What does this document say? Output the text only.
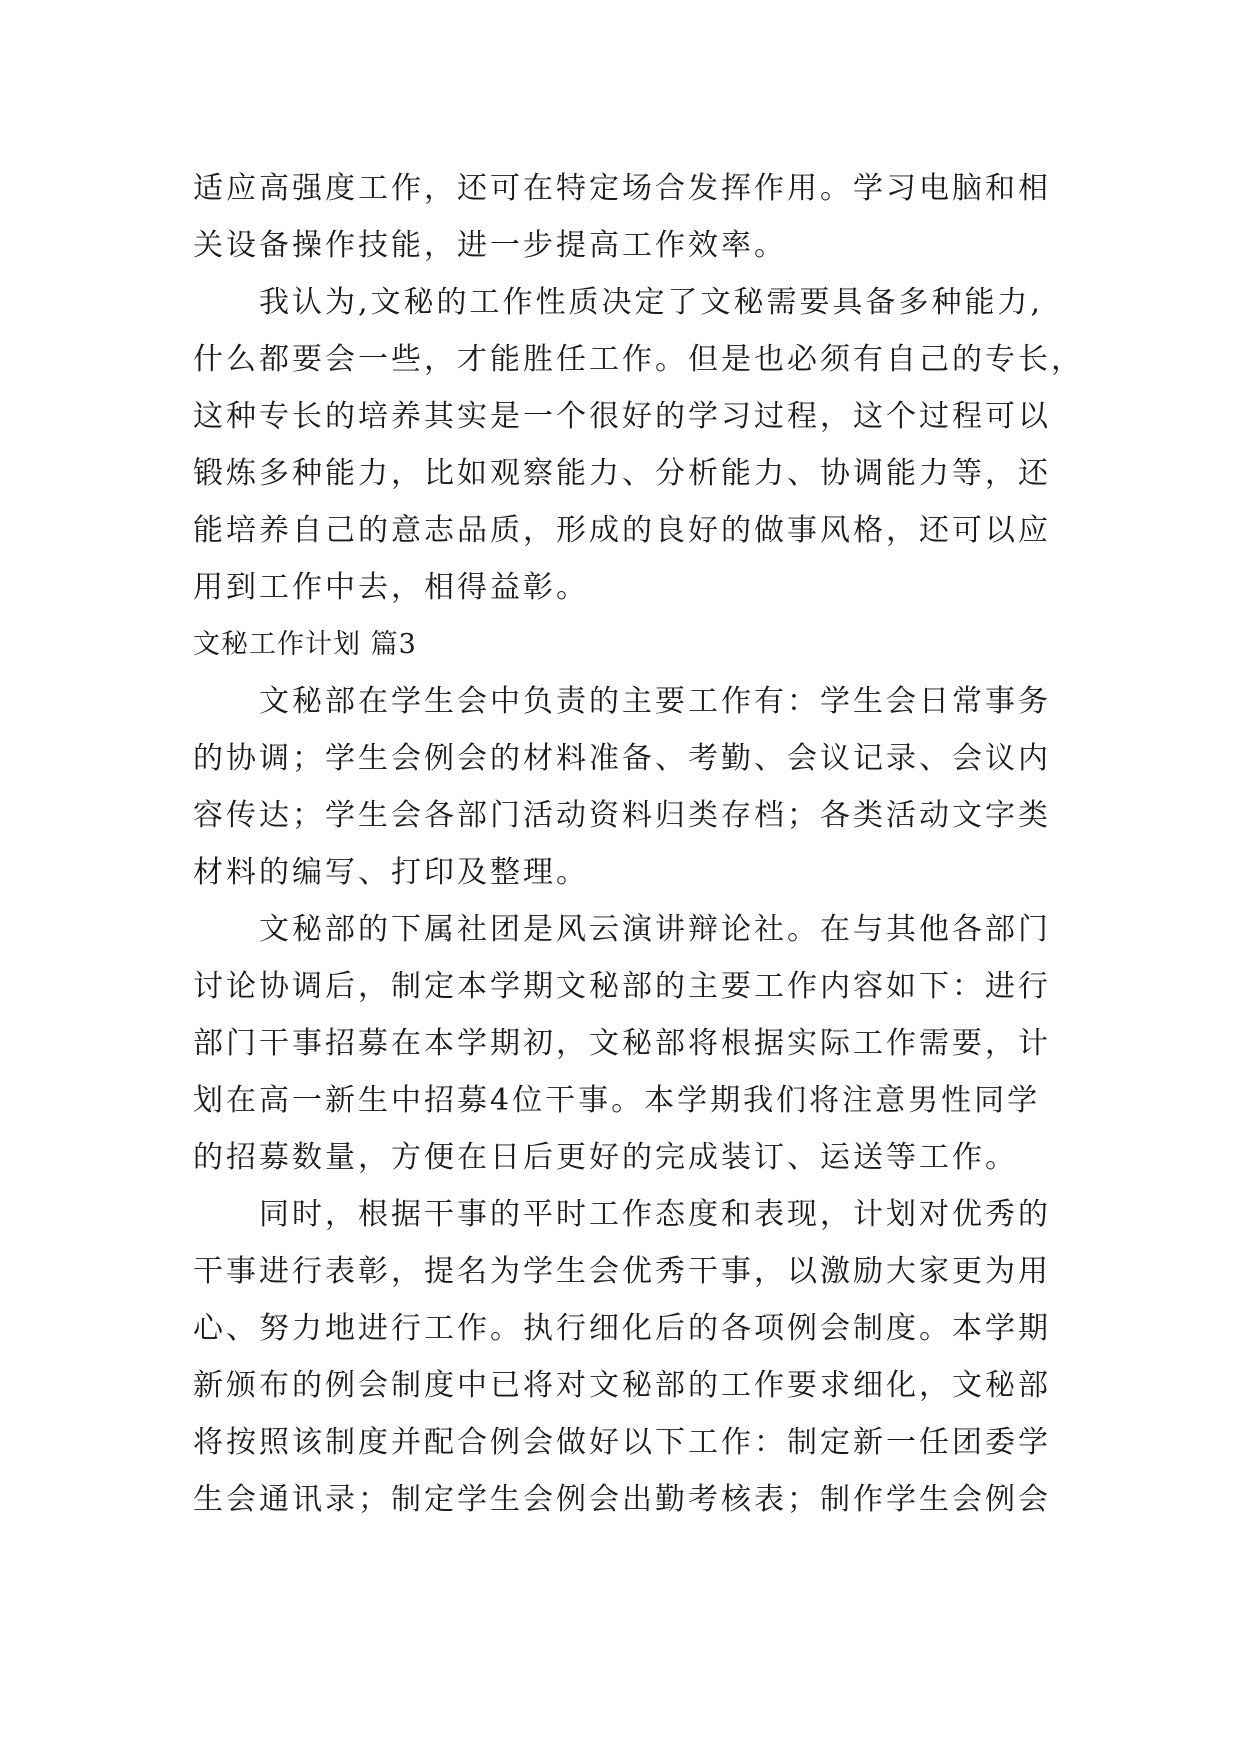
适应高强度工作，还可在特定场合发挥作用。学习电脑和相
关设备操作技能，进一步提高工作效率。
我认为,文秘的工作性质决定了文秘需要具备多种能力,
什么都要会一些，才能胜任工作。但是也必须有自己的专长，
这种专长的培养其实是一个很好的学习过程，这个过程可以
锻炼多种能力，比如观察能力、分析能力、协调能力等，还
能培养自己的意志品质，形成的良好的做事风格，还可以应
用到工作中去，相得益彰。
文秘工作计划 篇3
文秘部在学生会中负责的主要工作有：学生会日常事务
的协调；学生会例会的材料准备、考勤、会议记录、会议内
容传达；学生会各部门活动资料归类存档；各类活动文字类
材料的编写、打印及整理。
文秘部的下属社团是风云演讲辩论社。在与其他各部门
讨论协调后，制定本学期文秘部的主要工作内容如下：进行
部门干事招募在本学期初，文秘部将根据实际工作需要，计
划在高一新生中招募4位干事。本学期我们将注意男性同学
的招募数量，方便在日后更好的完成装订、运送等工作。
同时，根据干事的平时工作态度和表现，计划对优秀的
干事进行表彰，提名为学生会优秀干事，以激励大家更为用
心、努力地进行工作。执行细化后的各项例会制度。本学期
新颁布的例会制度中已将对文秘部的工作要求细化，文秘部
将按照该制度并配合例会做好以下工作：制定新一任团委学
生会通讯录；制定学生会例会出勤考核表；制作学生会例会
